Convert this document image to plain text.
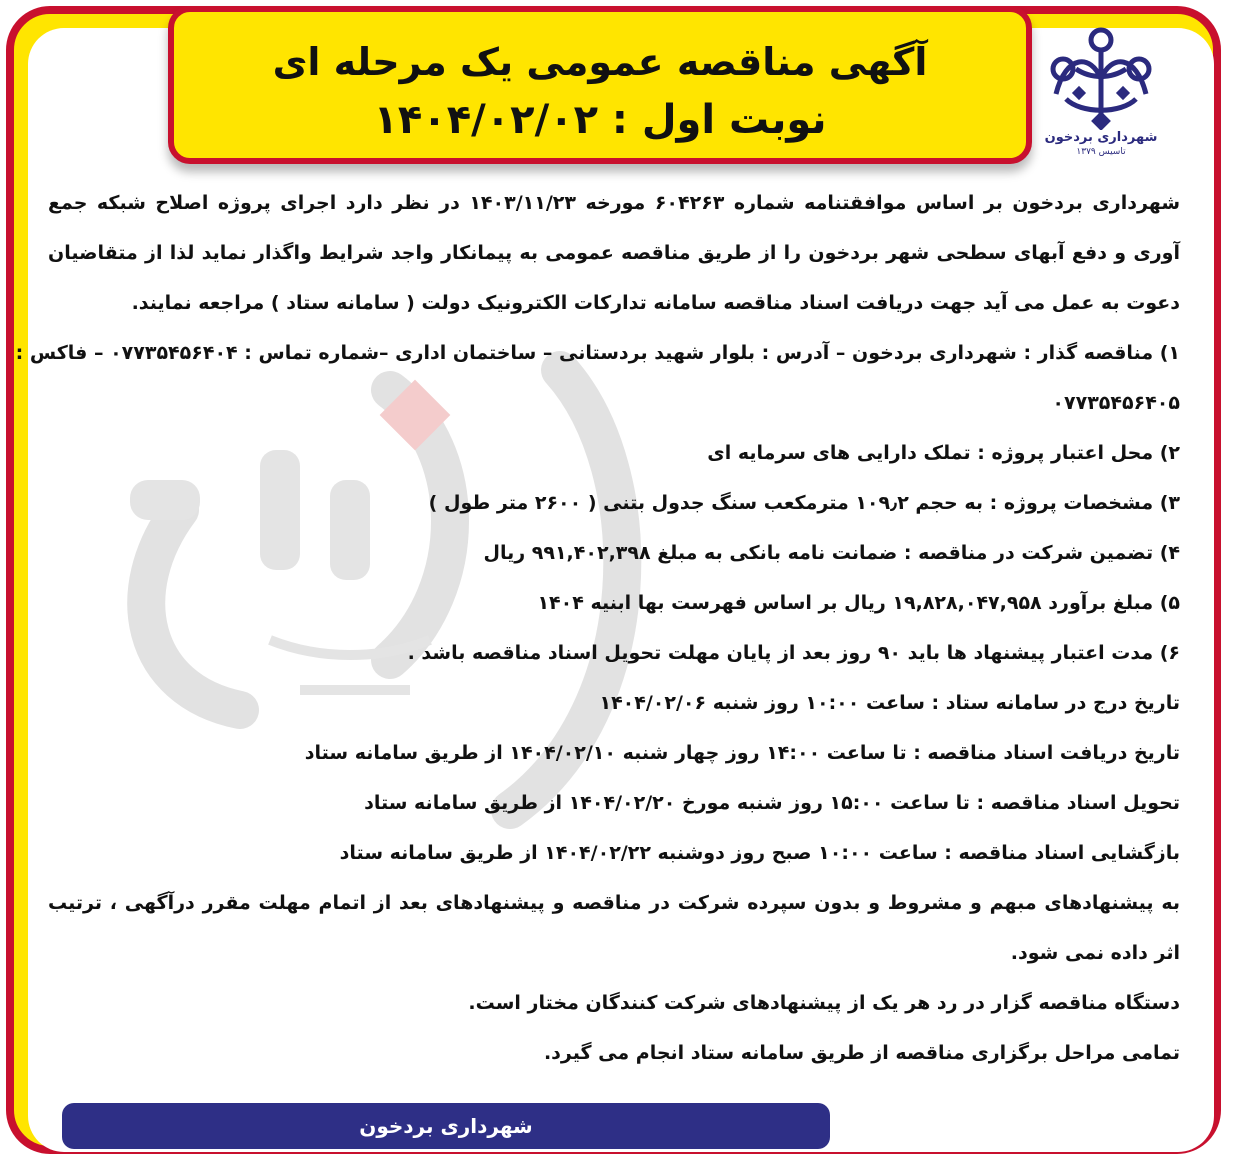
آگهی مناقصه عمومی یک مرحله ای
نوبت اول : ۱۴۰۴/۰۲/۰۲	شهرداری بردخون
تاسیس ۱۳۷۹

شهرداری بردخون بر اساس موافقتنامه شماره ۶۰۴۲۶۳ مورخه ۱۴۰۳/۱۱/۲۳ در نظر دارد اجرای پروژه اصلاح شبکه جمع آوری و دفع آبهای سطحی شهر بردخون را از طریق مناقصه عمومی به پیمانکار واجد شرایط واگذار نماید لذا از متقاضیان دعوت به عمل می آید جهت دریافت اسناد مناقصه سامانه تدارکات الکترونیک دولت ( سامانه ستاد ) مراجعه نمایند.

۱) مناقصه گذار : شهرداری بردخون – آدرس : بلوار شهید بردستانی – ساختمان اداری –شماره تماس : ۰۷۷۳۵۴۵۶۴۰۴ – فاکس :

۰۷۷۳۵۴۵۶۴۰۵

۲) محل اعتبار پروژه : تملک دارایی های سرمایه ای

۳) مشخصات پروژه : به حجم ۱۰۹٫۲ مترمکعب سنگ جدول بتنی ( ۲۶۰۰ متر طول )

۴) تضمین شرکت در مناقصه : ضمانت نامه بانکی به مبلغ ۹۹۱,۴۰۲,۳۹۸ ریال

۵) مبلغ برآورد ۱۹,۸۲۸,۰۴۷,۹۵۸ ریال بر اساس فهرست بها ابنیه ۱۴۰۴

۶) مدت اعتبار پیشنهاد ها باید ۹۰ روز بعد از پایان مهلت تحویل اسناد مناقصه باشد .

تاریخ درج در سامانه ستاد : ساعت ۱۰:۰۰ روز شنبه ۱۴۰۴/۰۲/۰۶

تاریخ دریافت اسناد مناقصه : تا ساعت ۱۴:۰۰ روز چهار شنبه ۱۴۰۴/۰۲/۱۰ از طریق سامانه ستاد

تحویل اسناد مناقصه : تا ساعت ۱۵:۰۰ روز شنبه مورخ ۱۴۰۴/۰۲/۲۰ از طریق سامانه ستاد

بازگشایی اسناد مناقصه : ساعت ۱۰:۰۰ صبح روز دوشنبه ۱۴۰۴/۰۲/۲۲ از طریق سامانه ستاد

به پیشنهادهای مبهم و مشروط و بدون سپرده شرکت در مناقصه و پیشنهادهای بعد از اتمام مهلت مقرر درآگهی ، ترتیب اثر داده نمی شود.

دستگاه مناقصه گزار در رد هر یک از پیشنهادهای شرکت کنندگان مختار است.

تمامی مراحل برگزاری مناقصه از طریق سامانه ستاد انجام می گیرد.

شهرداری بردخون
